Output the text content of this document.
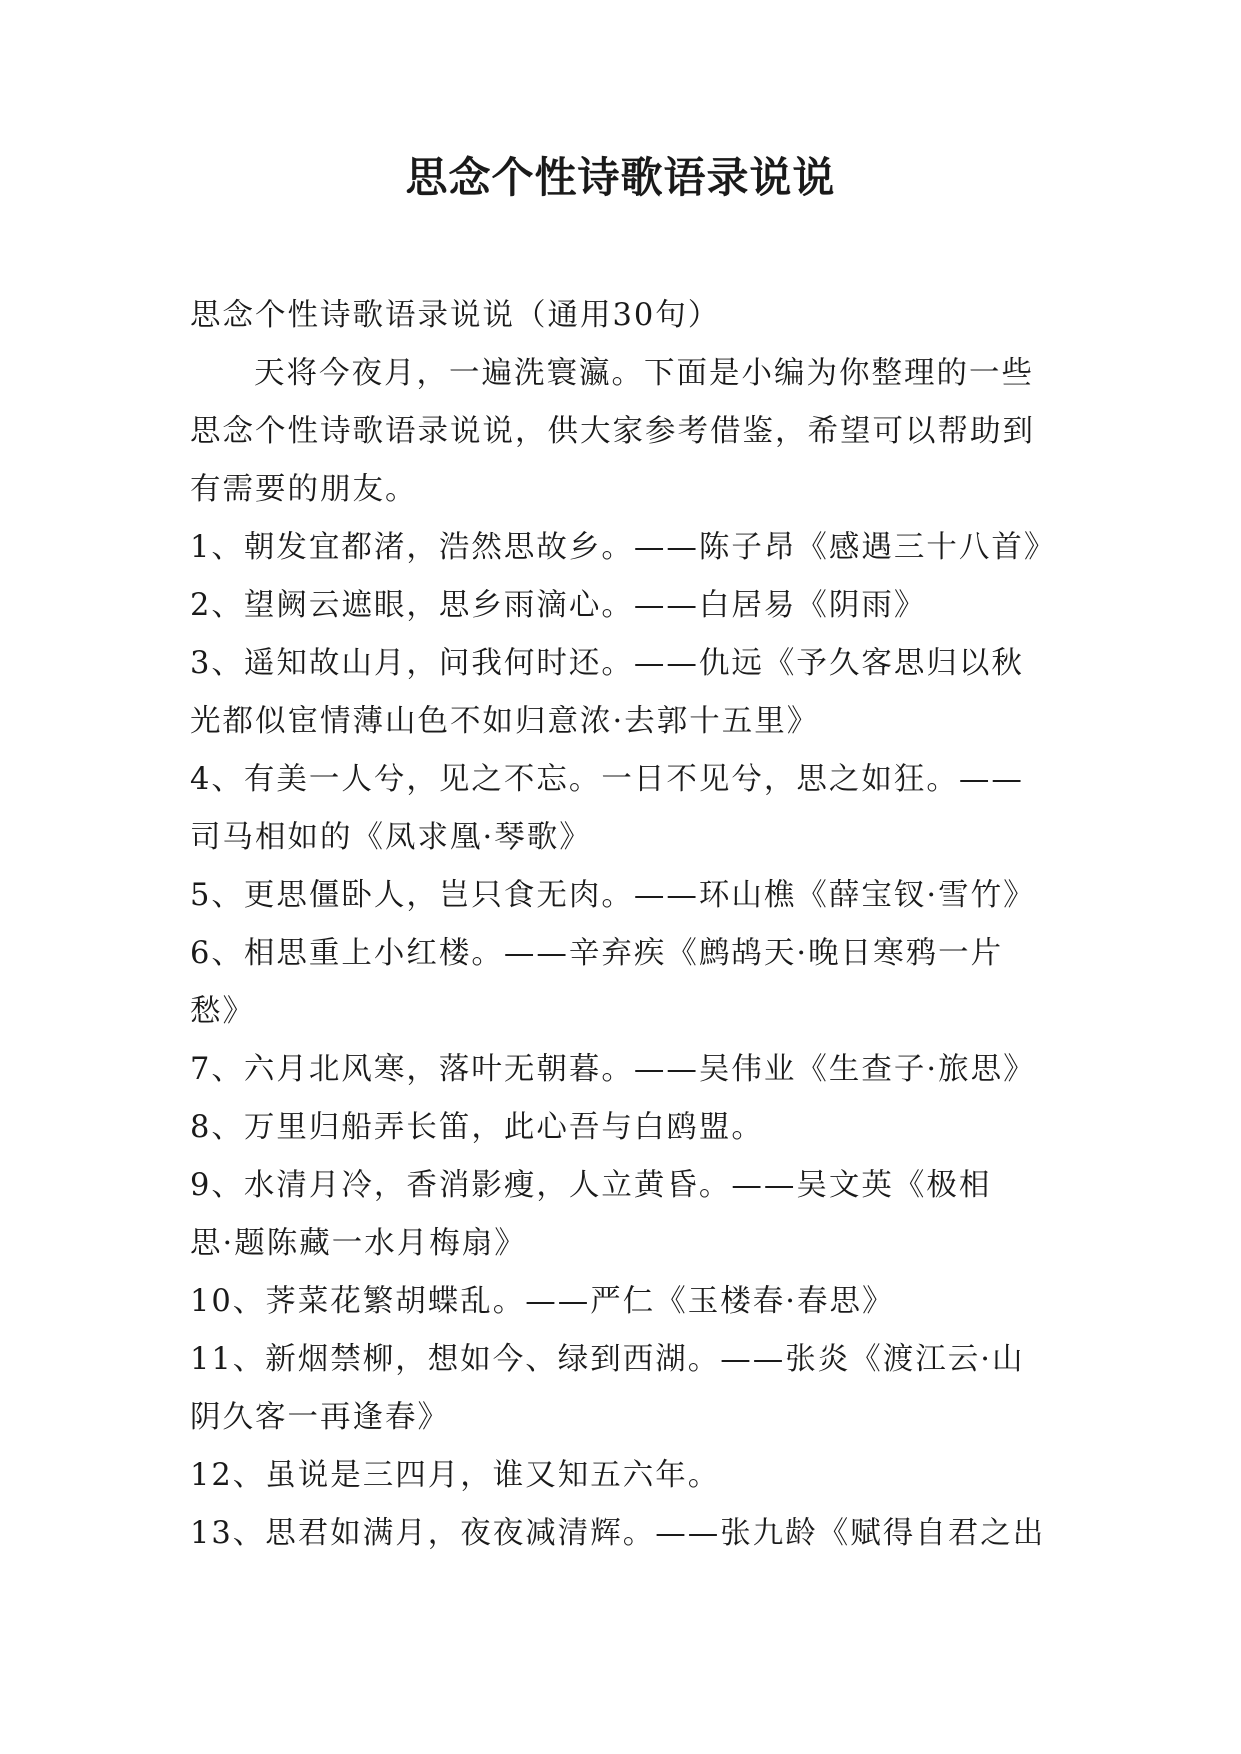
思念个性诗歌语录说说
思念个性诗歌语录说说（通用30句）
天将今夜月，一遍洗寰瀛。下面是小编为你整理的一些
思念个性诗歌语录说说，供大家参考借鉴，希望可以帮助到
有需要的朋友。
1、朝发宜都渚，浩然思故乡。——陈子昂《感遇三十八首》
2、望阙云遮眼，思乡雨滴心。——白居易《阴雨》
3、遥知故山月，问我何时还。——仇远《予久客思归以秋
光都似宦情薄山色不如归意浓·去郭十五里》
4、有美一人兮，见之不忘。一日不见兮，思之如狂。——
司马相如的《凤求凰·琴歌》
5、更思僵卧人，岂只食无肉。——环山樵《薛宝钗·雪竹》
6、相思重上小红楼。——辛弃疾《鹧鸪天·晚日寒鸦一片
愁》
7、六月北风寒，落叶无朝暮。——吴伟业《生查子·旅思》
8、万里归船弄长笛，此心吾与白鸥盟。
9、水清月冷，香消影瘦，人立黄昏。——吴文英《极相
思·题陈藏一水月梅扇》
10、荠菜花繁胡蝶乱。——严仁《玉楼春·春思》
11、新烟禁柳，想如今、绿到西湖。——张炎《渡江云·山
阴久客一再逢春》
12、虽说是三四月，谁又知五六年。
13、思君如满月，夜夜减清辉。——张九龄《赋得自君之出
